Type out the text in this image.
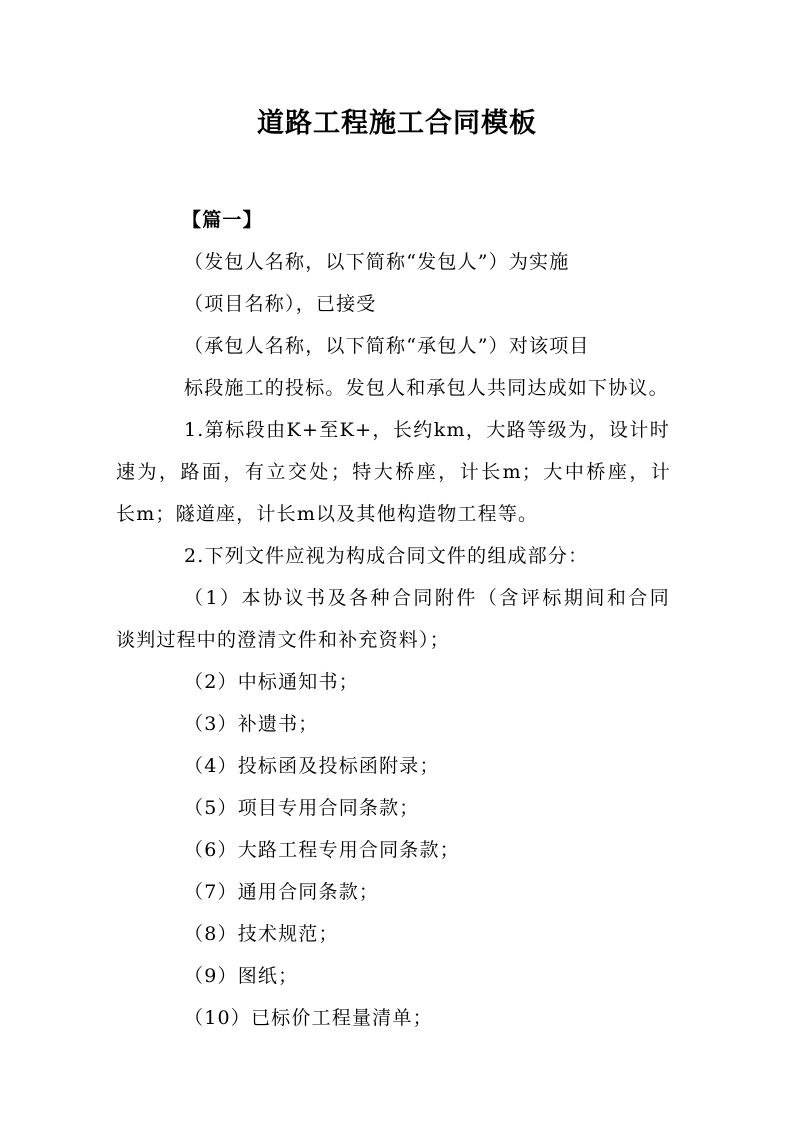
道路工程施工合同模板
【篇一】
（发包人名称，以下简称“发包人”）为实施
（项目名称），已接受
（承包人名称，以下简称“承包人”）对该项目
标段施工的投标。发包人和承包人共同达成如下协议。
1.第标段由K+至K+，长约km，大路等级为，设计时
速为，路面，有立交处；特大桥座，计长m；大中桥座，计
长m；隧道座，计长m以及其他构造物工程等。
2.下列文件应视为构成合同文件的组成部分：
（1）本协议书及各种合同附件（含评标期间和合同
谈判过程中的澄清文件和补充资料）；
（2）中标通知书；
（3）补遗书；
（4）投标函及投标函附录；
（5）项目专用合同条款；
（6）大路工程专用合同条款；
（7）通用合同条款；
（8）技术规范；
（9）图纸；
（10）已标价工程量清单；
